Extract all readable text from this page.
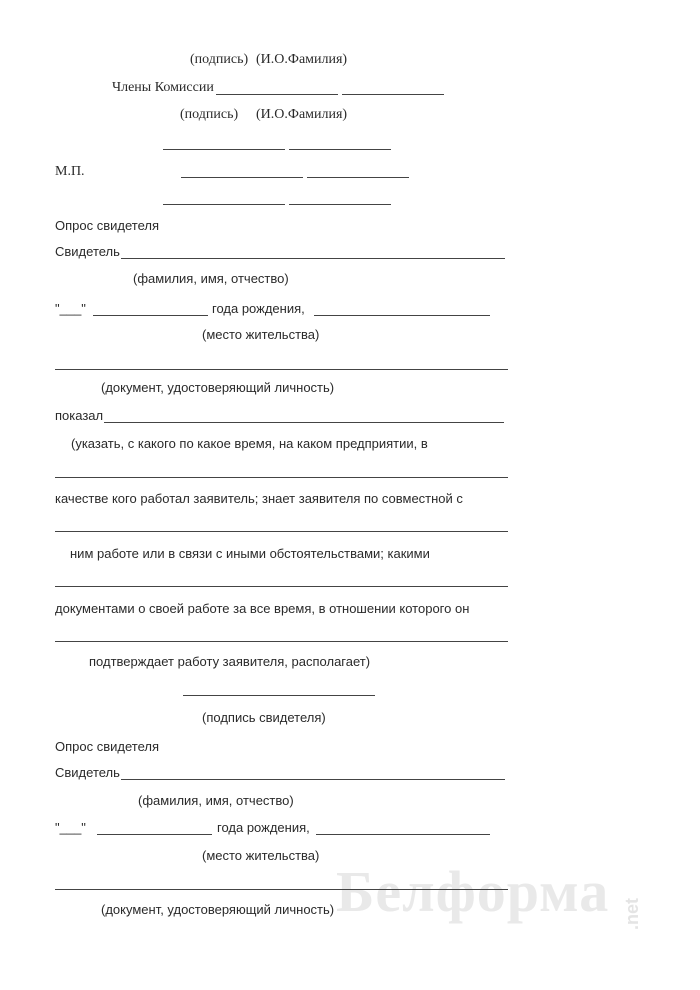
(подпись) (И.О.Фамилия)
Члены Комиссии
(подпись) (И.О.Фамилия)
М.П.
Опрос свидетеля
Свидетель
(фамилия, имя, отчество)
"___"	года рождения,
(место жительства)
(документ, удостоверяющий личность)
показал
(указать, с какого по какое время, на каком предприятии, в
качестве кого работал заявитель; знает заявителя по совместной с
ним работе или в связи с иными обстоятельствами; какими
документами о своей работе за все время, в отношении которого он
подтверждает работу заявителя, располагает)
(подпись свидетеля)
Опрос свидетеля
Свидетель
(фамилия, имя, отчество)
"___"	года рождения,
(место жительства)
Белформа .net
(документ, удостоверяющий личность)
